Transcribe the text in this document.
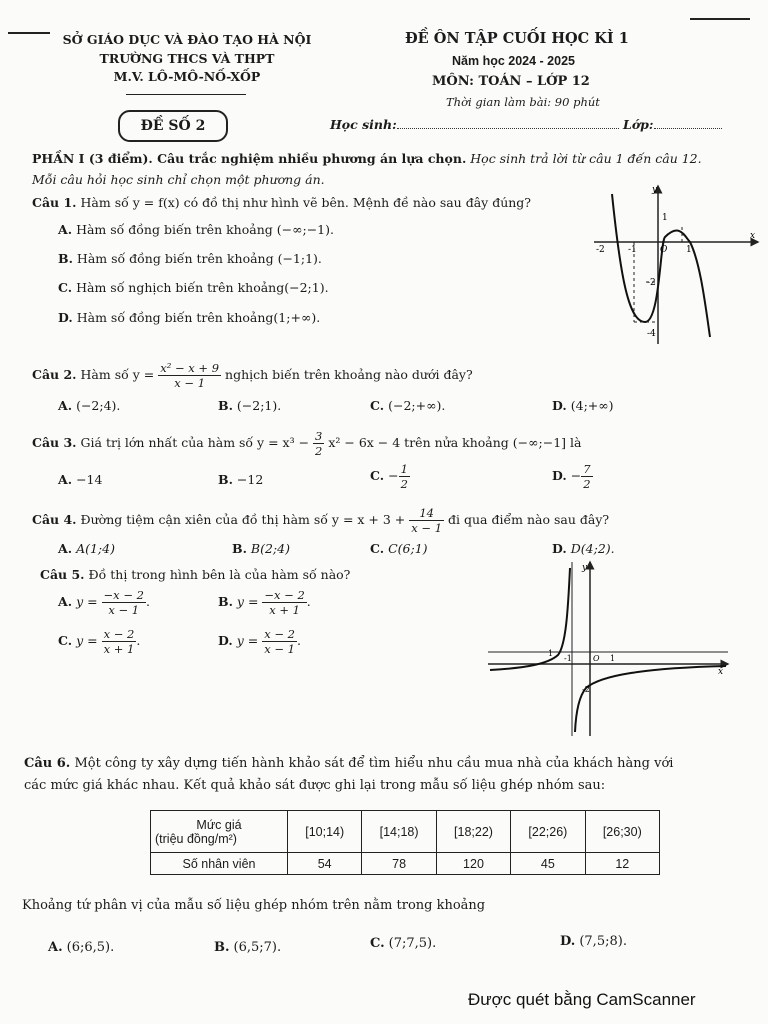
SỞ GIÁO DỤC VÀ ĐÀO TẠO HÀ NỘI
TRƯỜNG THCS VÀ THPT
M.V. LÔ-MÔ-NỐ-XỐP
ĐỀ SỐ 2
ĐỀ ÔN TẬP CUỐI HỌC KÌ 1
Năm học 2024 - 2025
MÔN: TOÁN – LỚP 12
Thời gian làm bài: 90 phút
Học sinh:	Lớp:
PHẦN I (3 điểm). Câu trắc nghiệm nhiều phương án lựa chọn. Học sinh trả lời từ câu 1 đến câu 12.
Mỗi câu hỏi học sinh chỉ chọn một phương án.
Câu 1. Hàm số y = f(x) có đồ thị như hình vẽ bên. Mệnh đề nào sau đây đúng?
A. Hàm số đồng biến trên khoảng (−∞;−1).
B. Hàm số đồng biến trên khoảng (−1;1).
C. Hàm số nghịch biến trên khoảng(−2;1).
D. Hàm số đồng biến trên khoảng(1;+∞).
y
x
-2	-1	O 1
1
-2
-4
Câu 2. Hàm số $y = \frac{\text{x² − x + 9}}{x - 1}$ nghịch biến trên khoảng nào dưới đây?
A. (−2;4).	B. (−2;1).	C. (−2;+∞).	D. (4;+∞)
Câu 3. Giá trị lớn nhất của hàm số $y = x^3 - \frac{3}{2} x^2 - 6x - 4$ trên nửa khoảng (−∞;−1] là
A. −14	B. −12	C. − $\frac{1}{2}$	D. − $\frac{7}{2}$
Câu 4. Đường tiệm cận xiên của đồ thị hàm số $y = x + 3 + \frac{14}{x - 1}$ đi qua điểm nào sau đây?
A. A(1;4)	B. B(2;4)	C. C(6;1)	D. D(4;2).
Câu 5. Đồ thị trong hình bên là của hàm số nào?
A. $y = \frac{-x - 2}{x - 1}$ .	B. $y = \frac{-x - 2}{x + 1}$ .
C. $y = \frac{x - 2}{x + 1}$ .	D. $y = \frac{x - 2}{x - 1}$ .
y
x
1
-1	O 1
-2
Câu 6. Một công ty xây dựng tiến hành khảo sát để tìm hiểu nhu cầu mua nhà của khách hàng với
các mức giá khác nhau. Kết quả khảo sát được ghi lại trong mẫu số liệu ghép nhóm sau:
Mức giá
(triệu đồng/m²)	[10;14)	[14;18)	[18;22)	[22;26)	[26;30)
Số nhân viên	54	78	120	45	12
Khoảng tứ phân vị của mẫu số liệu ghép nhóm trên nằm trong khoảng
A. (6;6,5).	B. (6,5;7).	C. (7;7,5).	D. (7,5;8).
Được quét bằng CamScanner
